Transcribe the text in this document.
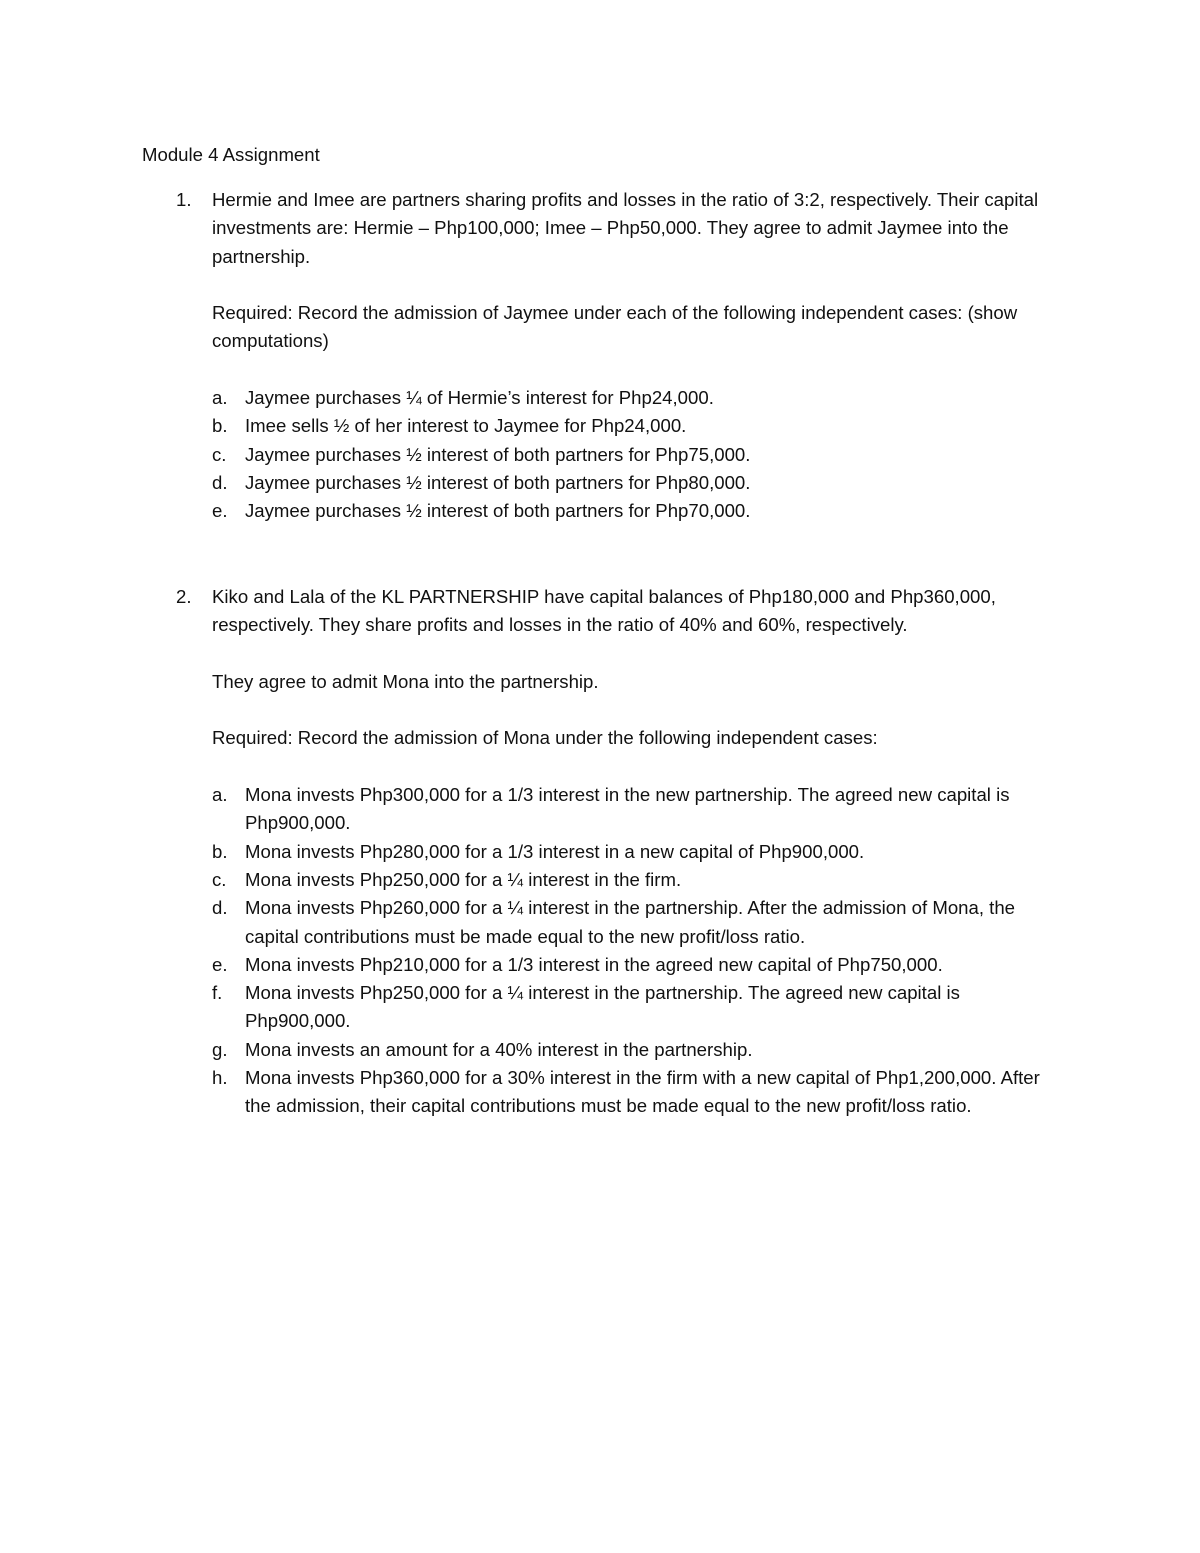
Module 4 Assignment
1. Hermie and Imee are partners sharing profits and losses in the ratio of 3:2, respectively. Their capital investments are: Hermie – Php100,000; Imee – Php50,000. They agree to admit Jaymee into the partnership.

Required: Record the admission of Jaymee under each of the following independent cases: (show computations)

a. Jaymee purchases ¼ of Hermie’s interest for Php24,000.
b. Imee sells ½ of her interest to Jaymee for Php24,000.
c. Jaymee purchases ½ interest of both partners for Php75,000.
d. Jaymee purchases ½ interest of both partners for Php80,000.
e. Jaymee purchases ½ interest of both partners for Php70,000.
2. Kiko and Lala of the KL PARTNERSHIP have capital balances of Php180,000 and Php360,000, respectively. They share profits and losses in the ratio of 40% and 60%, respectively.

They agree to admit Mona into the partnership.

Required: Record the admission of Mona under the following independent cases:

a. Mona invests Php300,000 for a 1/3 interest in the new partnership. The agreed new capital is Php900,000.
b. Mona invests Php280,000 for a 1/3 interest in a new capital of Php900,000.
c. Mona invests Php250,000 for a ¼ interest in the firm.
d. Mona invests Php260,000 for a ¼ interest in the partnership. After the admission of Mona, the capital contributions must be made equal to the new profit/loss ratio.
e. Mona invests Php210,000 for a 1/3 interest in the agreed new capital of Php750,000.
f. Mona invests Php250,000 for a ¼ interest in the partnership. The agreed new capital is Php900,000.
g. Mona invests an amount for a 40% interest in the partnership.
h. Mona invests Php360,000 for a 30% interest in the firm with a new capital of Php1,200,000. After the admission, their capital contributions must be made equal to the new profit/loss ratio.
